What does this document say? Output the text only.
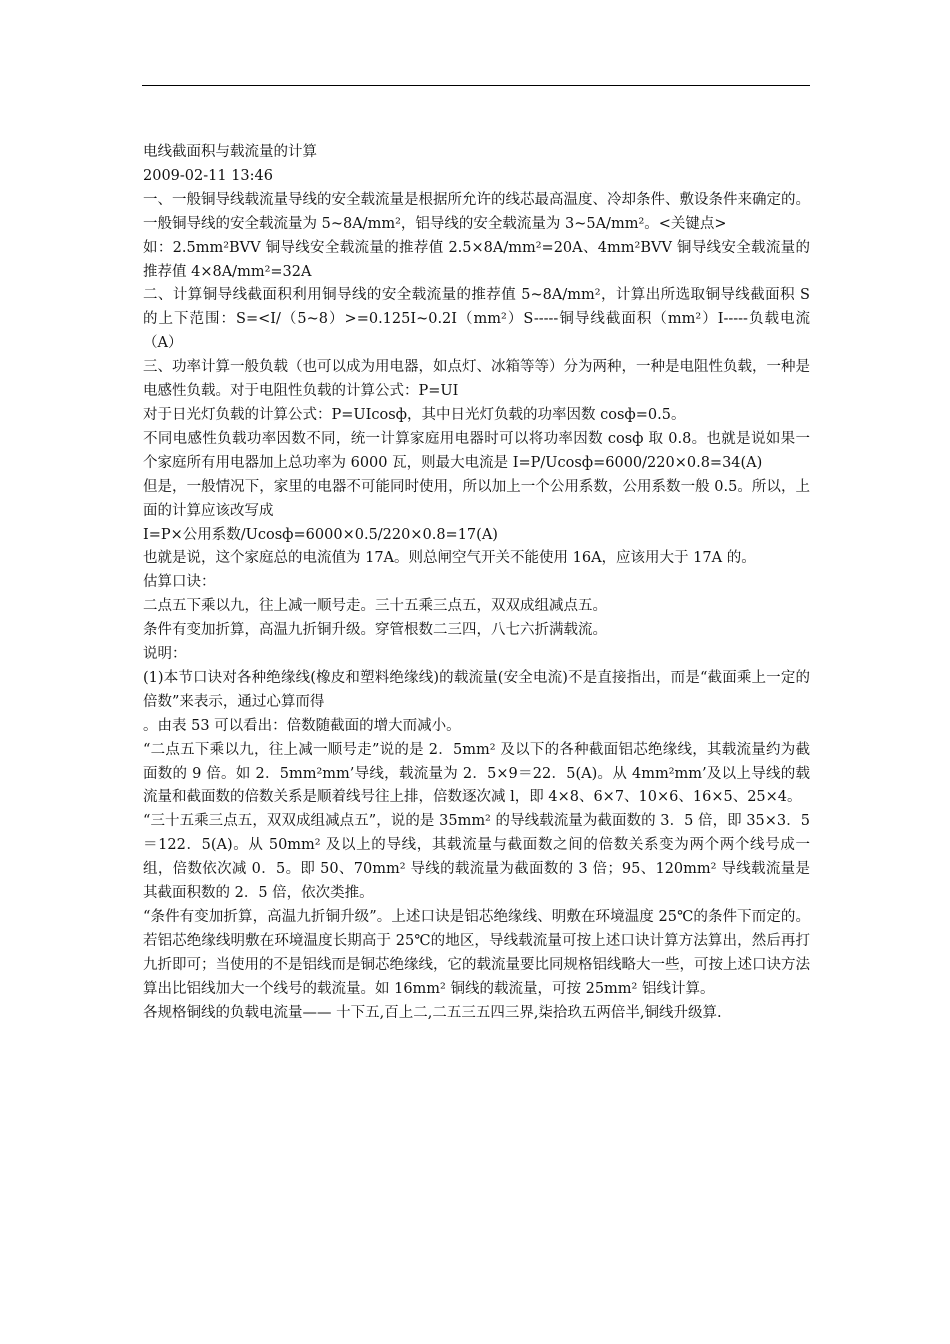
电线截面积与载流量的计算

2009-02-11 13:46

一、一般铜导线载流量导线的安全载流量是根据所允许的线芯最高温度、冷却条件、敷设条件来确定的。

一般铜导线的安全载流量为 5~8A/mm²，铝导线的安全载流量为 3~5A/mm²。<关键点>

如：2.5mm²BVV 铜导线安全载流量的推荐值 2.5×8A/mm²=20A、4mm²BVV 铜导线安全载流量的推荐值 4×8A/mm²=32A

二、计算铜导线截面积利用铜导线的安全载流量的推荐值 5~8A/mm²，计算出所选取铜导线截面积 S 的上下范围：S=<I/（5~8）>=0.125I~0.2I（mm²）S-----铜导线截面积（mm²）I-----负载电流（A）

三、功率计算一般负载（也可以成为用电器，如点灯、冰箱等等）分为两种，一种是电阻性负载，一种是电感性负载。对于电阻性负载的计算公式：P=UI

对于日光灯负载的计算公式：P=UIcosф，其中日光灯负载的功率因数 cosф=0.5。

不同电感性负载功率因数不同，统一计算家庭用电器时可以将功率因数 cosф 取 0.8。也就是说如果一个家庭所有用电器加上总功率为 6000 瓦，则最大电流是 I=P/Ucosф=6000/220×0.8=34(A)

但是，一般情况下，家里的电器不可能同时使用，所以加上一个公用系数，公用系数一般 0.5。所以，上面的计算应该改写成

I=P×公用系数/Ucosф=6000×0.5/220×0.8=17(A)

也就是说，这个家庭总的电流值为 17A。则总闸空气开关不能使用 16A，应该用大于 17A 的。

估算口诀：

二点五下乘以九，往上减一顺号走。三十五乘三点五，双双成组减点五。

条件有变加折算，高温九折铜升级。穿管根数二三四，八七六折满载流。

说明：

(1)本节口诀对各种绝缘线(橡皮和塑料绝缘线)的载流量(安全电流)不是直接指出，而是“截面乘上一定的倍数”来表示，通过心算而得

。由表 53 可以看出：倍数随截面的增大而减小。

“二点五下乘以九，往上减一顺号走”说的是 2．5mm² 及以下的各种截面铝芯绝缘线，其载流量约为截面数的 9 倍。如 2．5mm²mm’导线，载流量为 2．5×9＝22．5(A)。从 4mm²mm’及以上导线的载流量和截面数的倍数关系是顺着线号往上排，倍数逐次减 l，即 4×8、6×7、10×6、16×5、25×4。

“三十五乘三点五，双双成组减点五”，说的是 35mm² 的导线载流量为截面数的 3．5 倍，即 35×3．5＝122．5(A)。从 50mm² 及以上的导线，其载流量与截面数之间的倍数关系变为两个两个线号成一组，倍数依次减 0．5。即 50、70mm² 导线的载流量为截面数的 3 倍；95、120mm² 导线载流量是其截面积数的 2．5 倍，依次类推。

“条件有变加折算，高温九折铜升级”。上述口诀是铝芯绝缘线、明敷在环境温度 25℃的条件下而定的。若铝芯绝缘线明敷在环境温度长期高于 25℃的地区，导线载流量可按上述口诀计算方法算出，然后再打九折即可；当使用的不是铝线而是铜芯绝缘线，它的载流量要比同规格铝线略大一些，可按上述口诀方法算出比铝线加大一个线号的载流量。如 16mm² 铜线的载流量，可按 25mm² 铝线计算。

各规格铜线的负载电流量—— 十下五,百上二,二五三五四三界,柒拾玖五两倍半,铜线升级算.
